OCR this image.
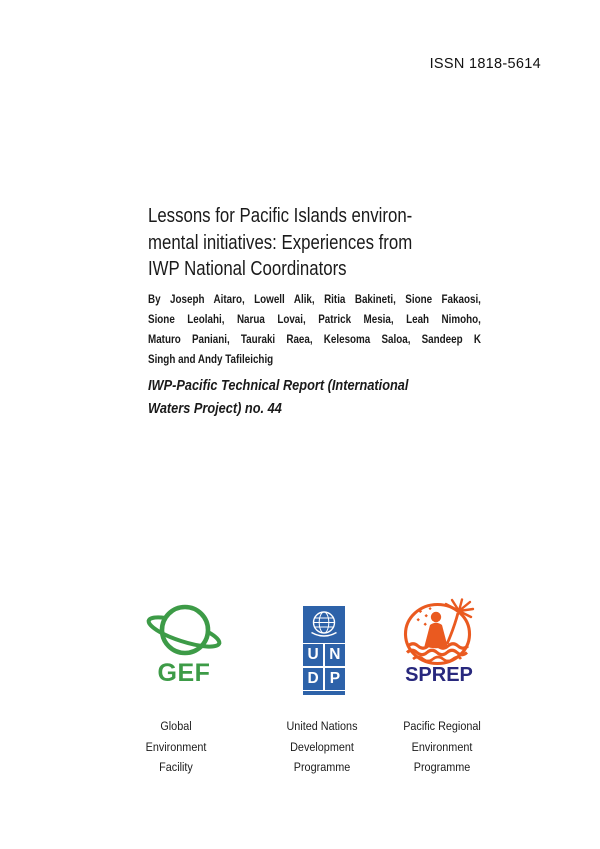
ISSN 1818-5614
Lessons for Pacific Islands environ-
mental initiatives: Experiences from
IWP National Coordinators
By Joseph Aitaro, Lowell Alik, Ritia Bakineti, Sione Fakaosi,
Sione Leolahi, Narua Lovai, Patrick Mesia, Leah Nimoho,
Maturo Paniani, Tauraki Raea, Kelesoma Saloa, Sandeep K
Singh and Andy Tafileichig
IWP-Pacific Technical Report (International
Waters Project) no. 44
GEF
U N
D P	SPREP
Global
Environment
Facility
United Nations
Development
Programme
Pacific Regional
Environment
Programme
